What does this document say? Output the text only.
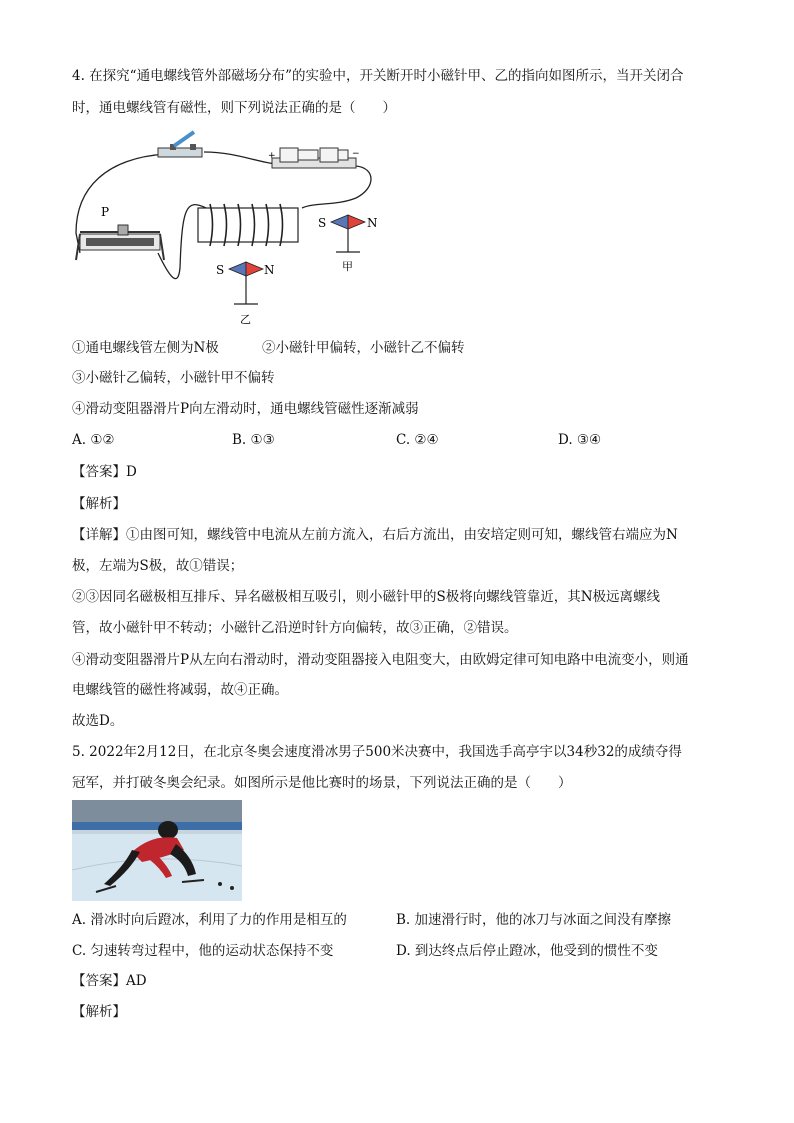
4. 在探究“通电螺线管外部磁场分布”的实验中，开关断开时小磁针甲、乙的指向如图所示，当开关闭合
时，通电螺线管有磁性，则下列说法正确的是（　　）
+	−
P
S	N
甲
S	N
乙
①通电螺线管左侧为N极	②小磁针甲偏转，小磁针乙不偏转
③小磁针乙偏转，小磁针甲不偏转
④滑动变阻器滑片P向左滑动时，通电螺线管磁性逐渐减弱
A. ①②	B. ①③	C. ②④	D. ③④
【答案】D
【解析】
【详解】①由图可知，螺线管中电流从左前方流入，右后方流出，由安培定则可知，螺线管右端应为N
极，左端为S极，故①错误；
②③因同名磁极相互排斥、异名磁极相互吸引，则小磁针甲的S极将向螺线管靠近，其N极远离螺线
管，故小磁针甲不转动；小磁针乙沿逆时针方向偏转，故③正确，②错误。
④滑动变阻器滑片P从左向右滑动时，滑动变阻器接入电阻变大，由欧姆定律可知电路中电流变小，则通
电螺线管的磁性将减弱，故④正确。
故选D。
5. 2022年2月12日，在北京冬奥会速度滑冰男子500米决赛中，我国选手高亭宇以34秒32的成绩夺得
冠军，并打破冬奥会纪录。如图所示是他比赛时的场景，下列说法正确的是（　　）
A. 滑冰时向后蹬冰，利用了力的作用是相互的	B. 加速滑行时，他的冰刀与冰面之间没有摩擦
C. 匀速转弯过程中，他的运动状态保持不变	D. 到达终点后停止蹬冰，他受到的惯性不变
【答案】AD
【解析】
